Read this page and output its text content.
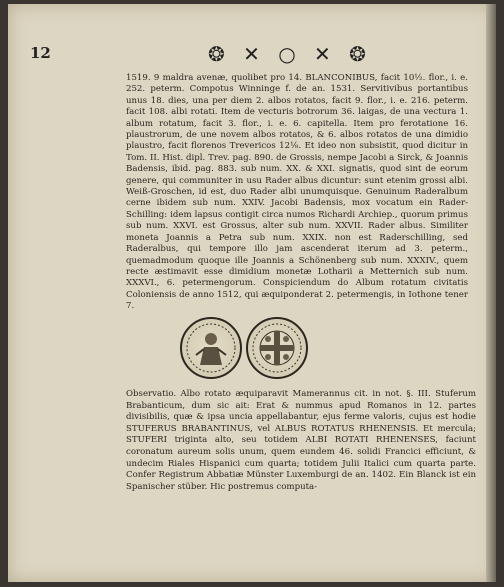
12	❂ ✕ ○ ✕ ❂

1519. 9 maldra avenæ, quolibet pro 14. BLANCONIBUS, facit 10½. flor., i. e. 252. peterm. Compotus Winninge f. de an. 1531. Servitivibus portantibus unus 18. dies, una per diem 2. albos rotatos, facit 9. flor., i. e. 216. peterm. facit 108. albi rotati. Item de vecturis botrorum 36. laigas, de una vectura 1. album rotatum, facit 3. flor., i. e. 6. capitella. Item pro ferotatione 16. plaustrorum, de une novem albos rotatos, & 6. albos rotatos de una dimidio plaustro, facit florenos Trevericos 12⅛. Et ideo non subsistit, quod dicitur in Tom. II. Hist. dipl. Trev. pag. 890. de Grossis, nempe Jacobi a Sirck, & Joannis Badensis, ibid. pag. 883. sub num. XX. & XXI. signatis, quod sint de eorum genere, qui communiter in usu Rader albus dicuntur: sunt etenim grossi albi. Weiß-Groschen, id est, duo Rader albi unumquisque. Genuinum Raderalbum cerne ibidem sub num. XXIV. Jacobi Badensis, mox vocatum ein Rader-Schilling: idem lapsus contigit circa numos Richardi Archiep., quorum primus sub num. XXVI. est Grossus, alter sub num. XXVII. Rader albus. Similiter moneta Joannis a Petra sub num. XXIX. non est Raderschilling, sed Raderalbus, qui tempore illo jam ascenderat iterum ad 3. peterm., quemadmodum quoque ille Joannis a Schönenberg sub num. XXXIV., quem recte æstimavit esse dimidium monetæ Lotharii a Metternich sub num. XXXVI., 6. petermengorum. Conspiciendum do Album rotatum civitatis Coloniensis de anno 1512, qui æquiponderat 2. petermengis, in Iothone tener 7.

Observatio. Albo rotato æquiparavit Mamerannus cit. in not. §. III. Stuferum Brabanticum, dum sic ait: Erat & nummus apud Romanos in 12. partes divisibilis, quæ & ipsa uncia appellabantur, ejus ferme valoris, cujus est hodie STUFERUS BRABANTINUS, vel ALBUS ROTATUS RHENENSIS. Et mercula; STUFERI triginta alto, seu totidem ALBI ROTATI RHENENSES, faciunt coronatum aureum solis unum, quem eundem 46. solidi Francici efficiunt, & undecim Riales Hispanici cum quarta; totidem Julii Italici cum quarta parte. Confer Registrum Abbatiæ Münster Luxemburgi de an. 1402. Ein Blanck ist ein Spanischer stüber. Hic postremus computa-
